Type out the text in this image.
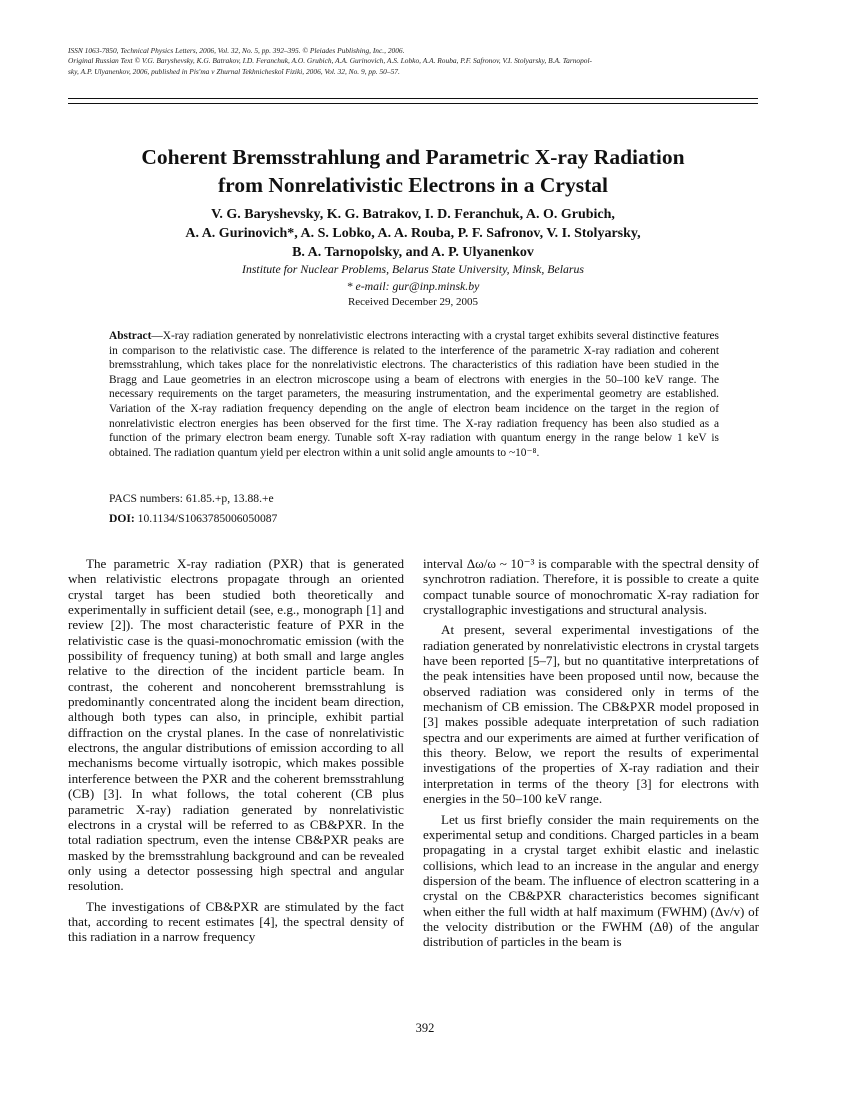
ISSN 1063-7850, Technical Physics Letters, 2006, Vol. 32, No. 5, pp. 392–395. © Pleiades Publishing, Inc., 2006.
Original Russian Text © V.G. Baryshevsky, K.G. Batrakov, I.D. Feranchuk, A.O. Grubich, A.A. Gurinovich, A.S. Lobko, A.A. Rouba, P.F. Safronov, V.I. Stolyarsky, B.A. Tarnopol-
sky, A.P. Ulyanenkov, 2006, published in Pis'ma v Zhurnal Tekhnicheskoĭ Fiziki, 2006, Vol. 32, No. 9, pp. 50–57.
Coherent Bremsstrahlung and Parametric X-ray Radiation
from Nonrelativistic Electrons in a Crystal
V. G. Baryshevsky, K. G. Batrakov, I. D. Feranchuk, A. O. Grubich,
A. A. Gurinovich*, A. S. Lobko, A. A. Rouba, P. F. Safronov, V. I. Stolyarsky,
B. A. Tarnopolsky, and A. P. Ulyanenkov
Institute for Nuclear Problems, Belarus State University, Minsk, Belarus
* e-mail: gur@inp.minsk.by
Received December 29, 2005

Abstract—X-ray radiation generated by nonrelativistic electrons interacting with a crystal target exhibits several distinctive features in comparison to the relativistic case. The difference is related to the interference of the parametric X-ray radiation and coherent bremsstrahlung, which takes place for the nonrelativistic electrons. The characteristics of this radiation have been studied in the Bragg and Laue geometries in an electron microscope using a beam of electrons with energies in the 50–100 keV range. The necessary requirements on the target parameters, the measuring instrumentation, and the experimental geometry are established. Variation of the X-ray radiation frequency depending on the angle of electron beam incidence on the target in the region of nonrelativistic electron energies has been observed for the first time. The X-ray radiation frequency has been also studied as a function of the primary electron beam energy. Tunable soft X-ray radiation with quantum energy in the range below 1 keV is obtained. The radiation quantum yield per electron within a unit solid angle amounts to ~10⁻⁸.

PACS numbers: 61.85.+p, 13.88.+e
DOI: 10.1134/S1063785006050087

The parametric X-ray radiation (PXR) that is generated when relativistic electrons propagate through an oriented crystal target has been studied both theoretically and experimentally in sufficient detail (see, e.g., monograph [1] and review [2]). The most characteristic feature of PXR in the relativistic case is the quasi-monochromatic emission (with the possibility of frequency tuning) at both small and large angles relative to the direction of the incident particle beam. In contrast, the coherent and noncoherent bremsstrahlung is predominantly concentrated along the incident beam direction, although both types can also, in principle, exhibit partial diffraction on the crystal planes. In the case of nonrelativistic electrons, the angular distributions of emission according to all mechanisms become virtually isotropic, which makes possible interference between the PXR and the coherent bremsstrahlung (CB) [3]. In what follows, the total coherent (CB plus parametric X-ray) radiation generated by nonrelativistic electrons in a crystal will be referred to as CB&PXR. In the total radiation spectrum, even the intense CB&PXR peaks are masked by the bremsstrahlung background and can be revealed only using a detector possessing high spectral and angular resolution.

The investigations of CB&PXR are stimulated by the fact that, according to recent estimates [4], the spectral density of this radiation in a narrow frequency

interval Δω/ω ~ 10⁻³ is comparable with the spectral density of synchrotron radiation. Therefore, it is possible to create a quite compact tunable source of monochromatic X-ray radiation for crystallographic investigations and structural analysis.

At present, several experimental investigations of the radiation generated by nonrelativistic electrons in crystal targets have been reported [5–7], but no quantitative interpretations of the peak intensities have been proposed until now, because the observed radiation was considered only in terms of the mechanism of CB emission. The CB&PXR model proposed in [3] makes possible adequate interpretation of such radiation spectra and our experiments are aimed at further verification of this theory. Below, we report the results of experimental investigations of the properties of X-ray radiation and their interpretation in terms of the theory [3] for electrons with energies in the 50–100 keV range.

Let us first briefly consider the main requirements on the experimental setup and conditions. Charged particles in a beam propagating in a crystal target exhibit elastic and inelastic collisions, which lead to an increase in the angular and energy dispersion of the beam. The influence of electron scattering in a crystal on the CB&PXR characteristics becomes significant when either the full width at half maximum (FWHM) (Δv/v) of the velocity distribution or the FWHM (Δθ) of the angular distribution of particles in the beam is

392
